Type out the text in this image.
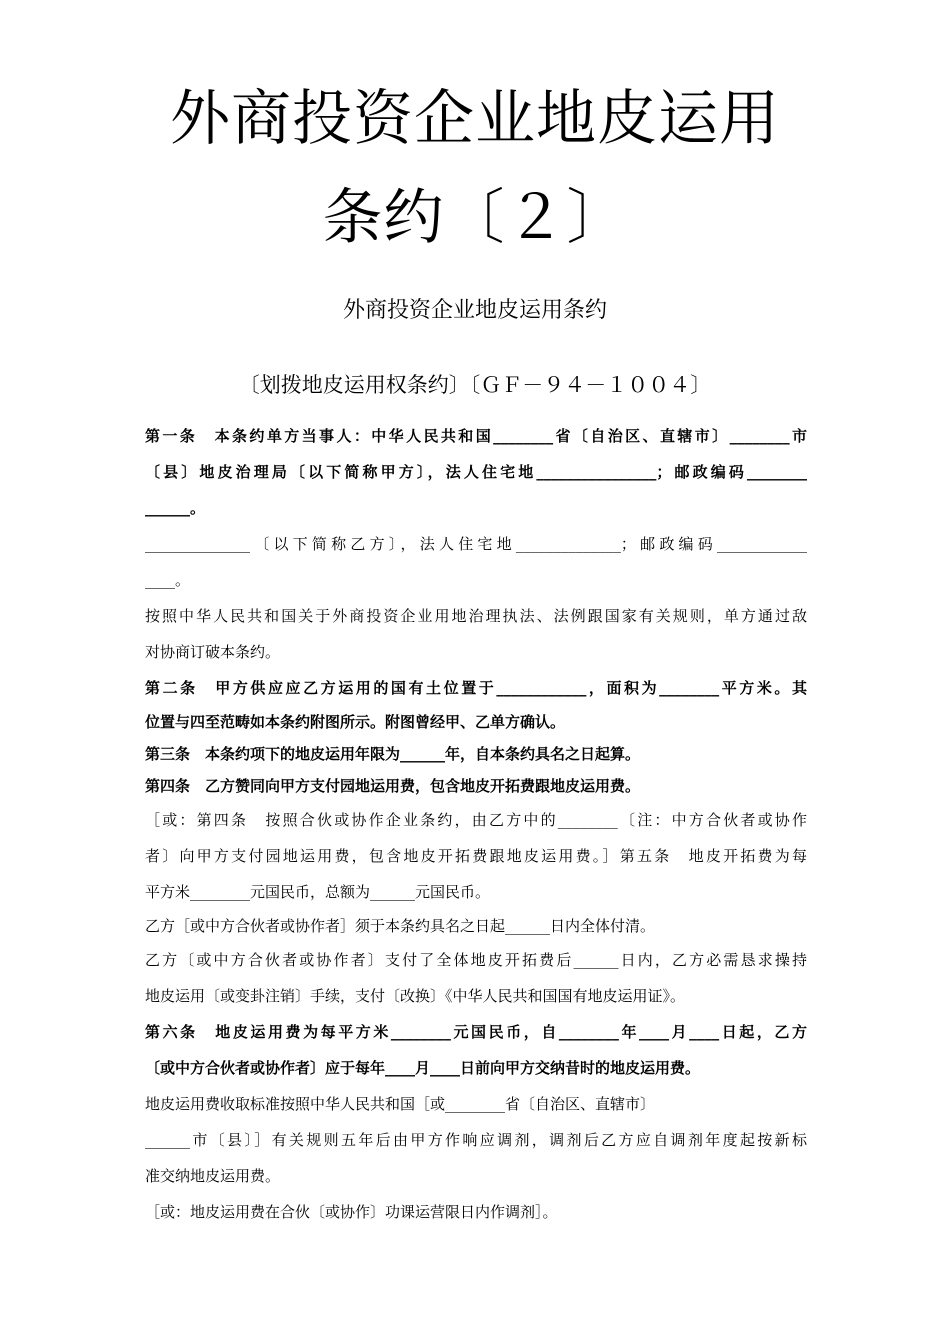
外商投资企业地皮运用
条约〔２〕
外商投资企业地皮运用条约
〔划拨地皮运用权条约〕〔ＧＦ－９４－１００４〕
第一条　本条约单方当事人：中华人民共和国________省〔自治区、直辖市〕________市
〔县〕地皮治理局〔以下简称甲方〕，法人住宅地________________；邮政编码________
______。
______________〔以下简称乙方〕，法人住宅地______________；邮政编码____________
____。
按照中华人民共和国关于外商投资企业用地治理执法、法例跟国家有关规则，单方通过敌
对协商订破本条约。
第二条　甲方供应应乙方运用的国有土位置于____________，面积为________平方米。其
位置与四至范畴如本条约附图所示。附图曾经甲、乙单方确认。
第三条　本条约项下的地皮运用年限为______年，自本条约具名之日起算。
第四条　乙方赞同向甲方支付园地运用费，包含地皮开拓费跟地皮运用费。
［或：第四条　按照合伙或协作企业条约，由乙方中的________〔注：中方合伙者或协作
者〕向甲方支付园地运用费，包含地皮开拓费跟地皮运用费。］第五条　地皮开拓费为每
平方米________元国民币，总额为______元国民币。
乙方［或中方合伙者或协作者］须于本条约具名之日起______日内全体付清。
乙方〔或中方合伙者或协作者〕支付了全体地皮开拓费后______日内，乙方必需恳求操持
地皮运用〔或变卦注销〕手续，支付〔改换〕《中华人民共和国国有地皮运用证》。
第六条　地皮运用费为每平方米________元国民币，自________年____月____日起，乙方
〔或中方合伙者或协作者〕应于每年____月____日前向甲方交纳昔时的地皮运用费。
地皮运用费收取标准按照中华人民共和国［或________省〔自治区、直辖市〕
______市〔县〕］有关规则五年后由甲方作响应调剂，调剂后乙方应自调剂年度起按新标
准交纳地皮运用费。
［或：地皮运用费在合伙〔或协作〕功课运营限日内作调剂］。
